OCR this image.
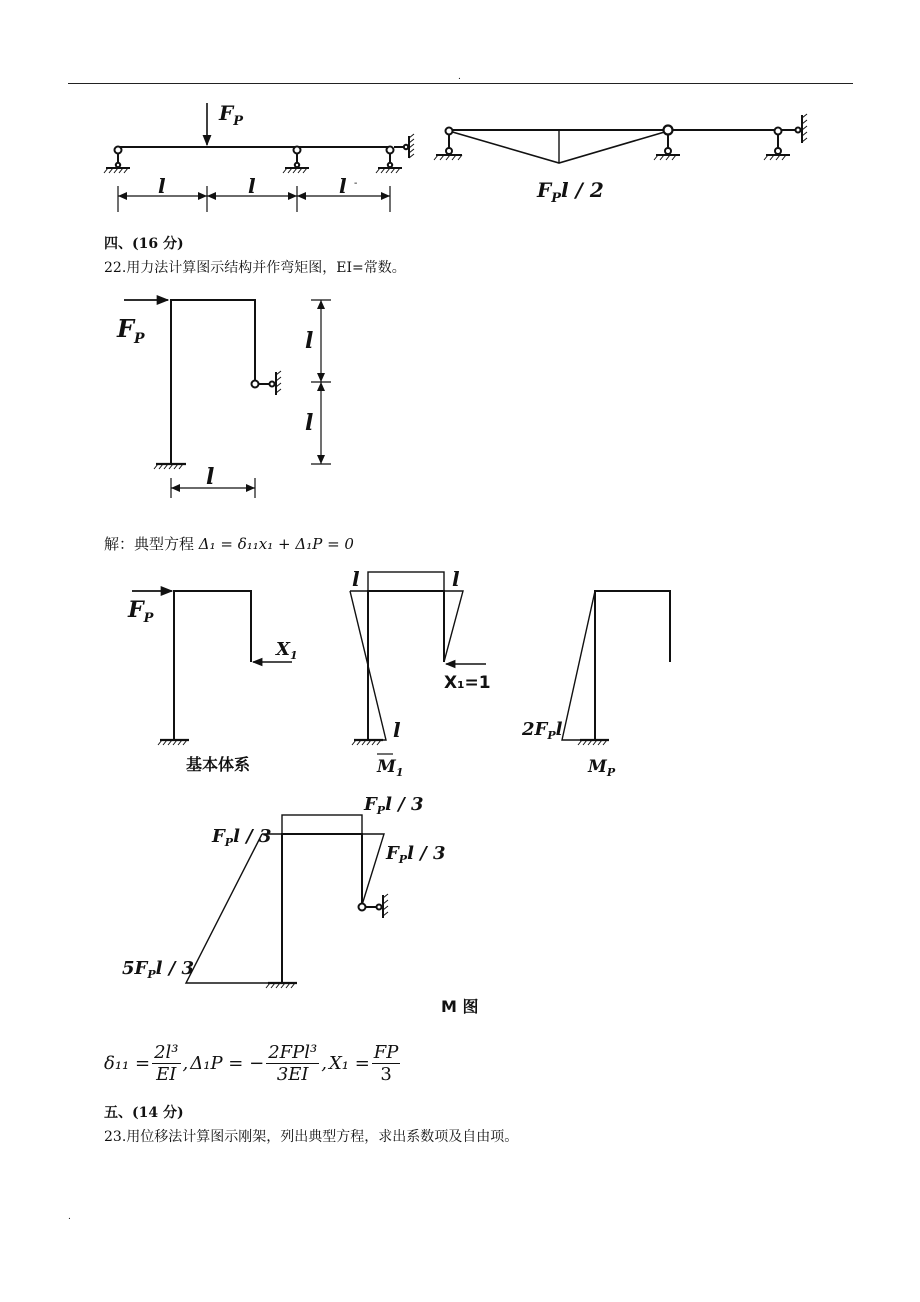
.
.
$F_P$
l	l	l -	$F_Pl / 2$
$F_P$
l
l
l
$F_P$
$X_1$
基本体系
l	l
l
X₁=1
$M_1$
$2F_Pl$
$M_P$
$F_Pl / 3$
$F_Pl / 3$
$F_Pl / 3$
$5F_Pl / 3$
M 图
四、(16 分)
22.用力法计算图示结构并作弯矩图，EI=常数。
解：典型方程 Δ₁ = δ₁₁x₁ + Δ₁P = 0
$\delta_{11} = \frac{\text{2l³}}{EI}$ , Δ₁P = −
2FPl³
3EI
, $X_1 = \frac{FP}{3}$
五、(14 分)
23.用位移法计算图示刚架，列出典型方程，求出系数项及自由项。
